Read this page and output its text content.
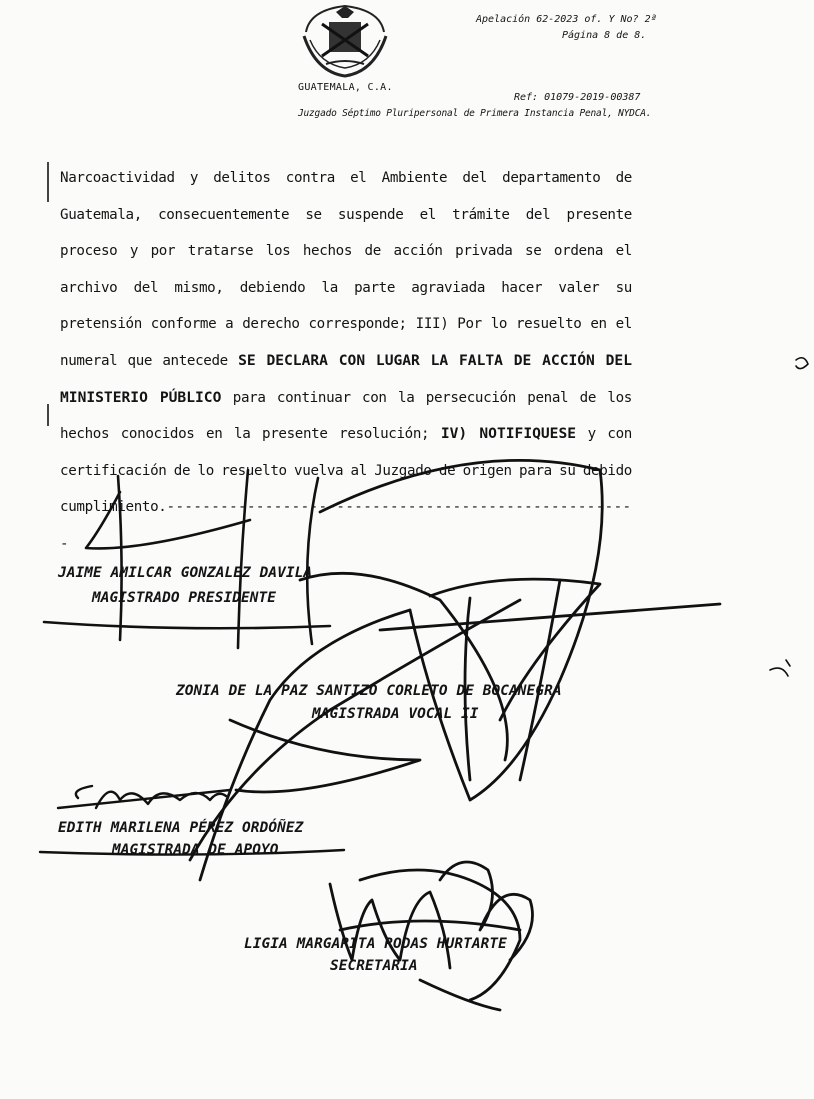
GUATEMALA, C.A.
Apelación 62-2023 of. Y No? 2ª
Página 8 de 8.
Ref: 01079-2019-00387
Juzgado Séptimo Pluripersonal de Primera Instancia Penal, NYDCA.
Narcoactividad y delitos contra el Ambiente del departamento de Guatemala, consecuentemente se suspende el trámite del presente proceso y por tratarse los hechos de acción privada se ordena el archivo del mismo, debiendo la parte agraviada hacer valer su pretensión conforme a derecho corresponde; III) Por lo resuelto en el numeral que antecede SE DECLARA CON LUGAR LA FALTA DE ACCIÓN DEL MINISTERIO PÚBLICO para continuar con la persecución penal de los hechos conocidos en la presente resolución; IV) NOTIFIQUESE y con certificación de lo resuelto vuelva al Juzgado de origen para su debido cumplimiento.-----------------------------------------------------
JAIME AMILCAR GONZALEZ DAVILA
MAGISTRADO PRESIDENTE
ZONIA DE LA PAZ SANTIZO CORLETO DE BOCANEGRA
MAGISTRADA VOCAL II
EDITH MARILENA PÉREZ ORDÓÑEZ
MAGISTRADA DE APOYO
LIGIA MARGARITA RODAS HURTARTE
SECRETARIA
